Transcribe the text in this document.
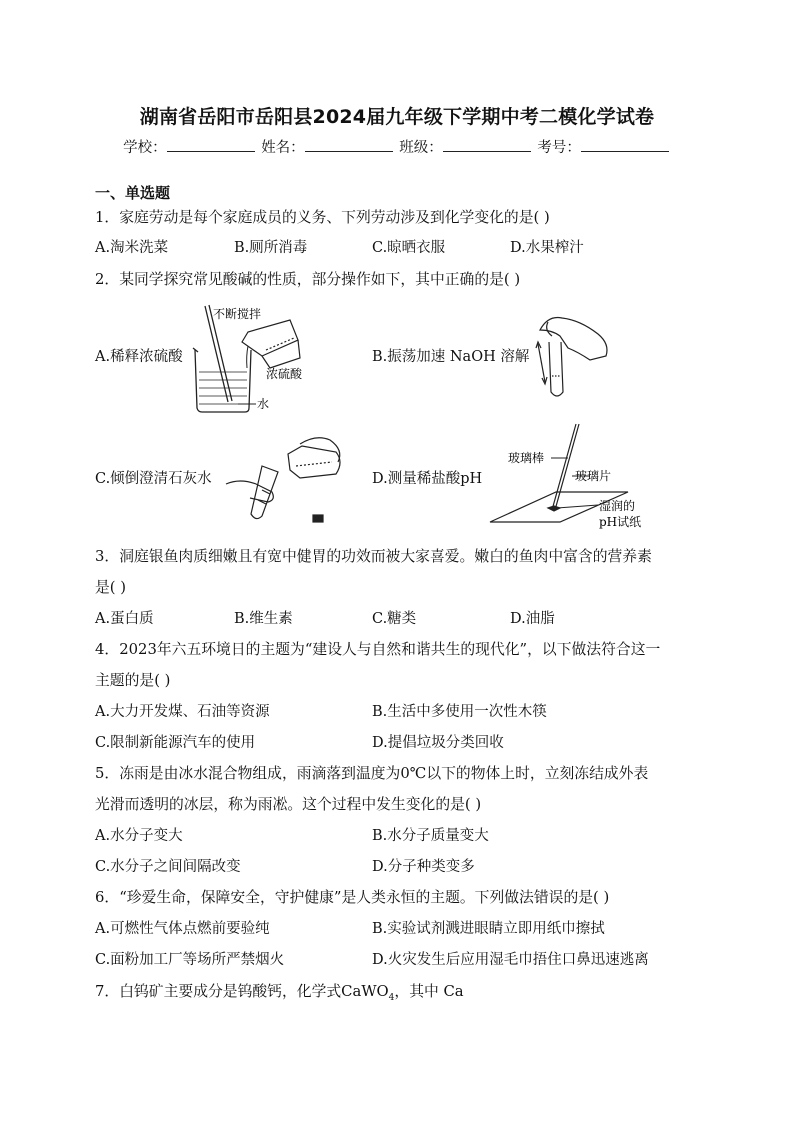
湖南省岳阳市岳阳县2024届九年级下学期中考二模化学试卷
学校：	姓名：	班级：	考号：
一、单选题
1．家庭劳动是每个家庭成员的义务、下列劳动涉及到化学变化的是( )
A.淘米洗菜	B.厕所消毒	C.晾晒衣服	D.水果榨汁
2．某同学探究常见酸碱的性质，部分操作如下，其中正确的是( )
A.稀释浓硫酸	B.振荡加速 NaOH 溶解
C.倾倒澄清石灰水	D.测量稀盐酸pH
不断搅拌
浓硫酸
水
玻璃棒
玻璃片
湿润的
pH试纸
3．洞庭银鱼肉质细嫩且有宽中健胃的功效而被大家喜爱。嫩白的鱼肉中富含的营养素
是( )
A.蛋白质	B.维生素	C.糖类	D.油脂
4．2023年六五环境日的主题为“建设人与自然和谐共生的现代化”，以下做法符合这一
主题的是( )
A.大力开发煤、石油等资源	B.生活中多使用一次性木筷
C.限制新能源汽车的使用	D.提倡垃圾分类回收
5．冻雨是由冰水混合物组成，雨滴落到温度为0℃以下的物体上时，立刻冻结成外表
光滑而透明的冰层，称为雨凇。这个过程中发生变化的是( )
A.水分子变大	B.水分子质量变大
C.水分子之间间隔改变	D.分子种类变多
6．“珍爱生命，保障安全，守护健康”是人类永恒的主题。下列做法错误的是( )
A.可燃性气体点燃前要验纯	B.实验试剂溅进眼睛立即用纸巾擦拭
C.面粉加工厂等场所严禁烟火	D.火灾发生后应用湿毛巾捂住口鼻迅速逃离
7．白钨矿主要成分是钨酸钙，化学式CaWO$_4$，其中 Ca
